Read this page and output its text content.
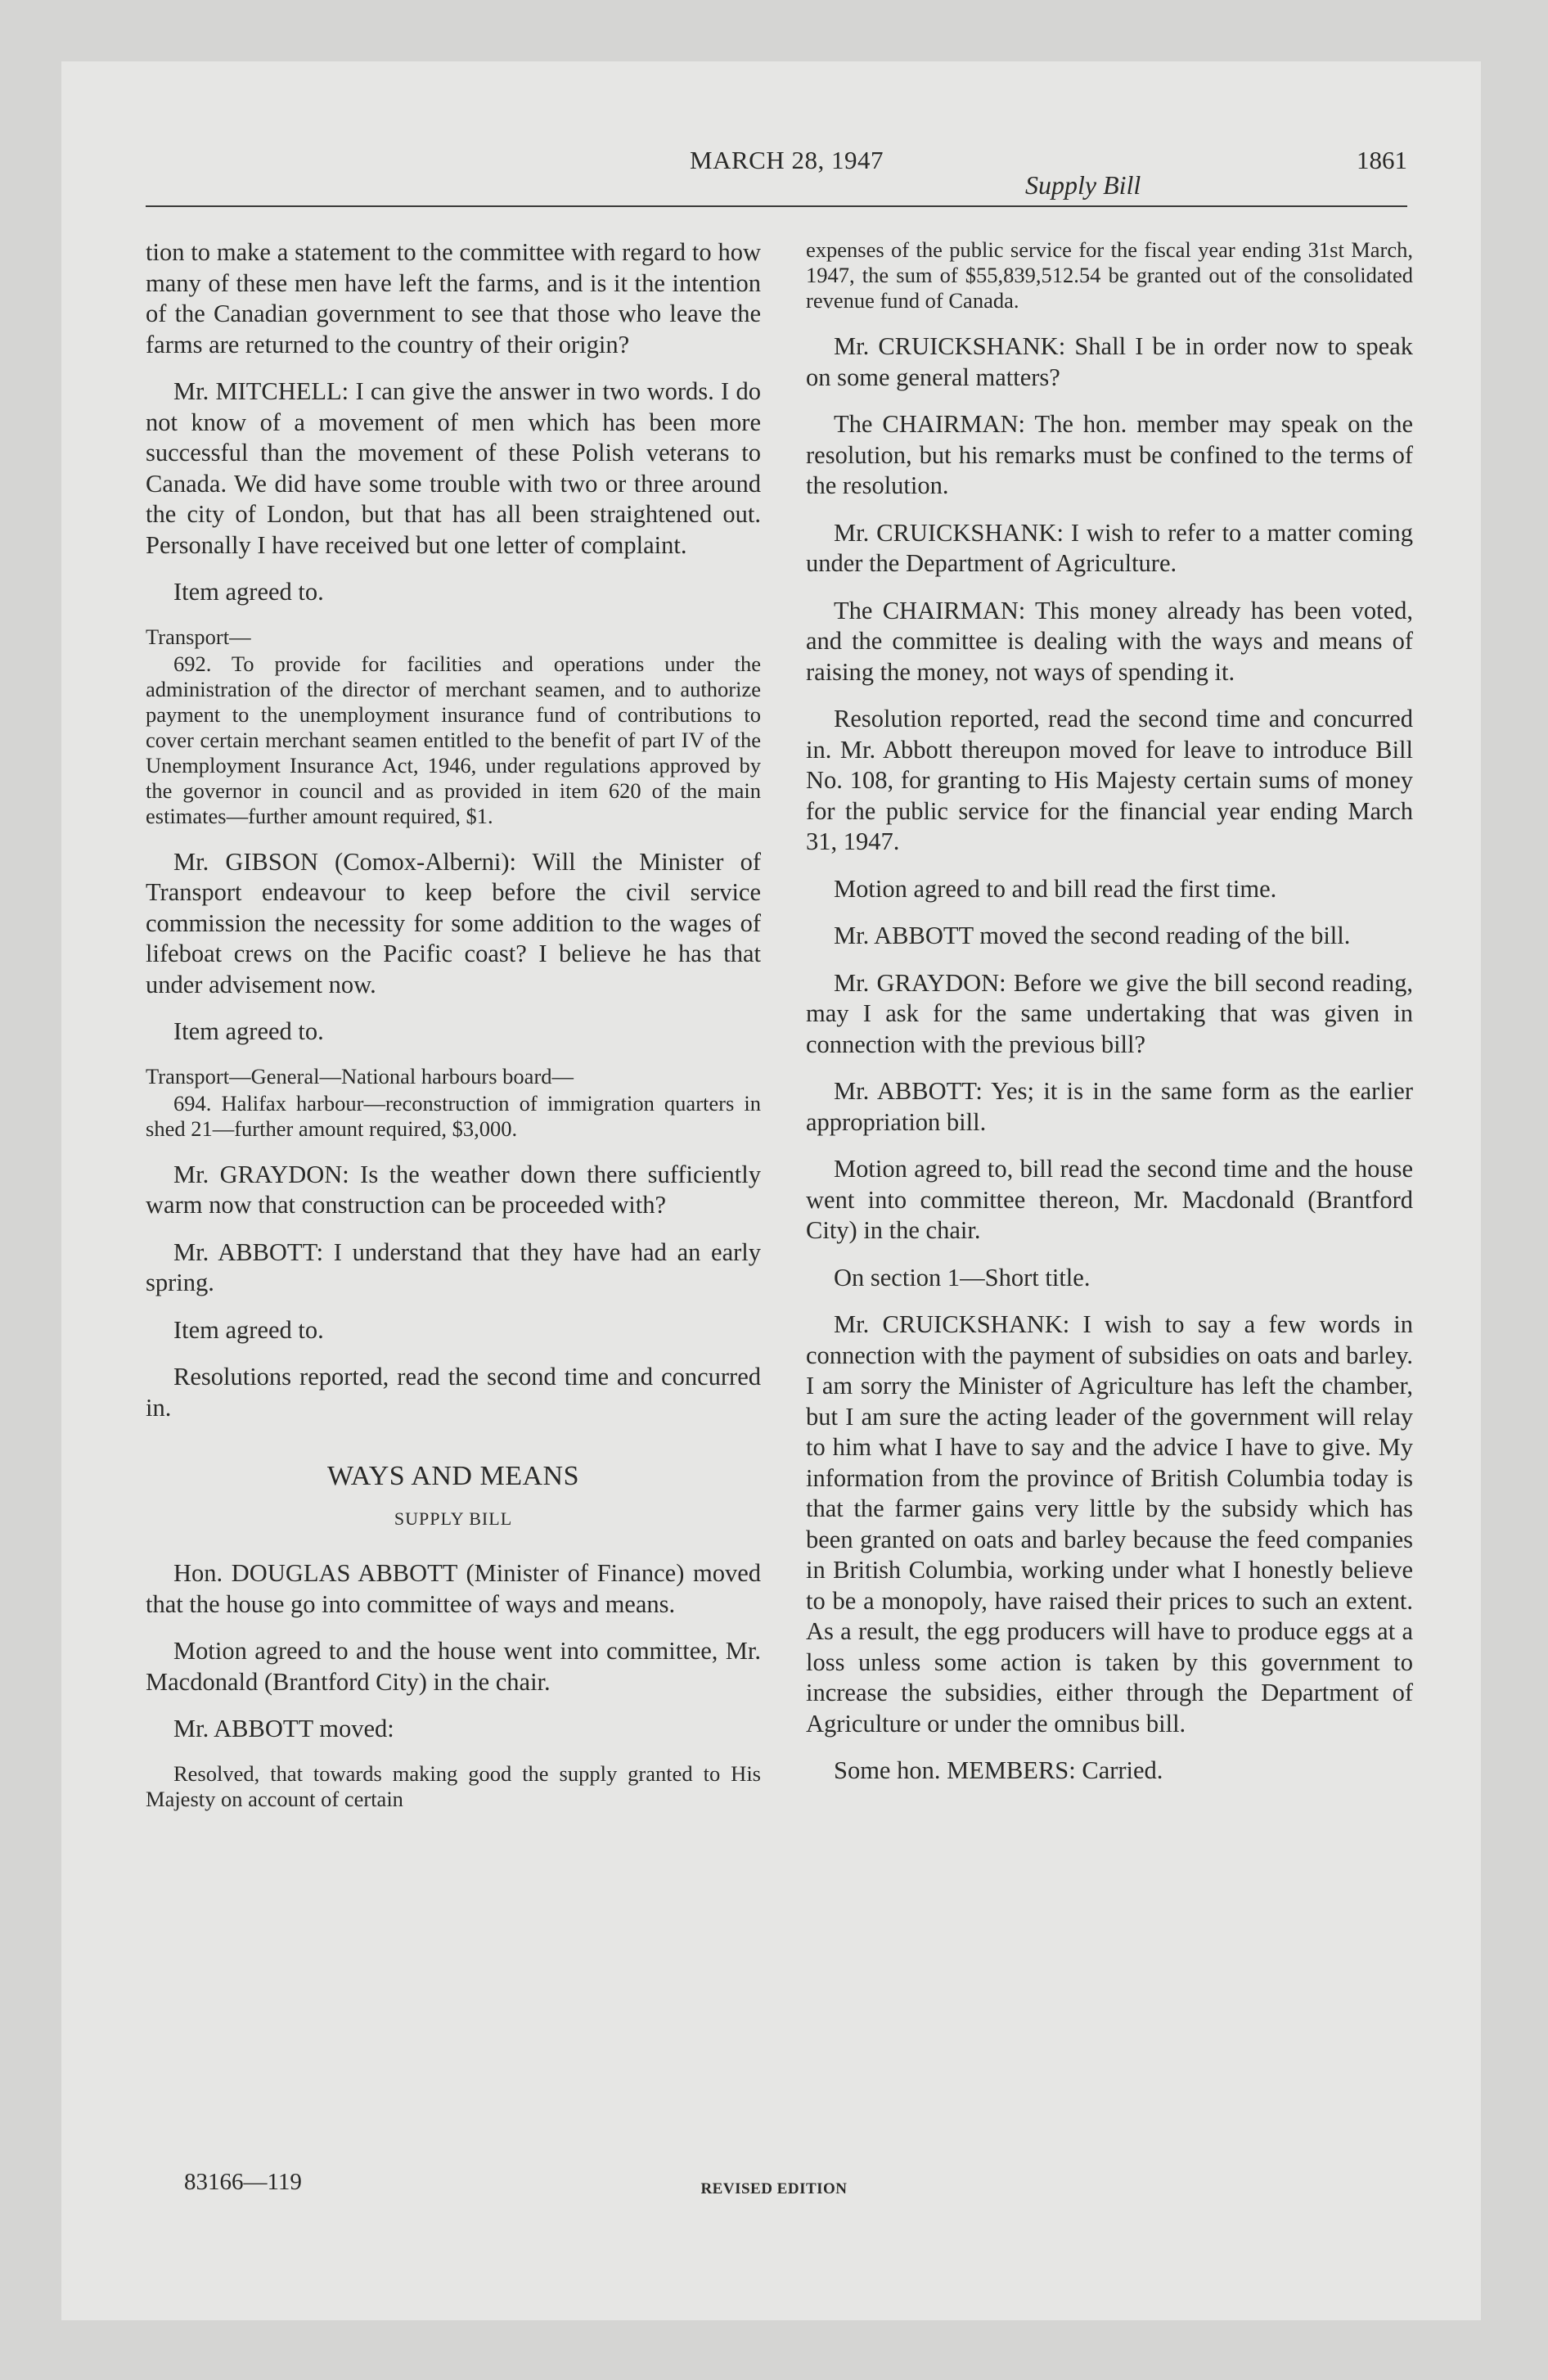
MARCH 28, 1947	1861
Supply Bill

tion to make a statement to the committee with regard to how many of these men have left the farms, and is it the intention of the Canadian government to see that those who leave the farms are returned to the country of their origin?

Mr. MITCHELL: I can give the answer in two words. I do not know of a movement of men which has been more successful than the movement of these Polish veterans to Canada. We did have some trouble with two or three around the city of London, but that has all been straightened out. Personally I have received but one letter of complaint.

Item agreed to.

Transport—

692. To provide for facilities and operations under the administration of the director of merchant seamen, and to authorize payment to the unemployment insurance fund of contributions to cover certain merchant seamen entitled to the benefit of part IV of the Unemployment Insurance Act, 1946, under regulations approved by the governor in council and as provided in item 620 of the main estimates—further amount required, $1.

Mr. GIBSON (Comox-Alberni): Will the Minister of Transport endeavour to keep before the civil service commission the necessity for some addition to the wages of lifeboat crews on the Pacific coast? I believe he has that under advisement now.

Item agreed to.

Transport—General—National harbours board—

694. Halifax harbour—reconstruction of immigration quarters in shed 21—further amount required, $3,000.

Mr. GRAYDON: Is the weather down there sufficiently warm now that construction can be proceeded with?

Mr. ABBOTT: I understand that they have had an early spring.

Item agreed to.

Resolutions reported, read the second time and concurred in.

WAYS AND MEANS
SUPPLY BILL

Hon. DOUGLAS ABBOTT (Minister of Finance) moved that the house go into committee of ways and means.

Motion agreed to and the house went into committee, Mr. Macdonald (Brantford City) in the chair.

Mr. ABBOTT moved:

Resolved, that towards making good the supply granted to His Majesty on account of certain

expenses of the public service for the fiscal year ending 31st March, 1947, the sum of $55,839,512.54 be granted out of the consolidated revenue fund of Canada.

Mr. CRUICKSHANK: Shall I be in order now to speak on some general matters?

The CHAIRMAN: The hon. member may speak on the resolution, but his remarks must be confined to the terms of the resolution.

Mr. CRUICKSHANK: I wish to refer to a matter coming under the Department of Agriculture.

The CHAIRMAN: This money already has been voted, and the committee is dealing with the ways and means of raising the money, not ways of spending it.

Resolution reported, read the second time and concurred in. Mr. Abbott thereupon moved for leave to introduce Bill No. 108, for granting to His Majesty certain sums of money for the public service for the financial year ending March 31, 1947.

Motion agreed to and bill read the first time.

Mr. ABBOTT moved the second reading of the bill.

Mr. GRAYDON: Before we give the bill second reading, may I ask for the same undertaking that was given in connection with the previous bill?

Mr. ABBOTT: Yes; it is in the same form as the earlier appropriation bill.

Motion agreed to, bill read the second time and the house went into committee thereon, Mr. Macdonald (Brantford City) in the chair.

On section 1—Short title.

Mr. CRUICKSHANK: I wish to say a few words in connection with the payment of subsidies on oats and barley. I am sorry the Minister of Agriculture has left the chamber, but I am sure the acting leader of the government will relay to him what I have to say and the advice I have to give. My information from the province of British Columbia today is that the farmer gains very little by the subsidy which has been granted on oats and barley because the feed companies in British Columbia, working under what I honestly believe to be a monopoly, have raised their prices to such an extent. As a result, the egg producers will have to produce eggs at a loss unless some action is taken by this government to increase the subsidies, either through the Department of Agriculture or under the omnibus bill.

Some hon. MEMBERS: Carried.

83166—119	REVISED EDITION
